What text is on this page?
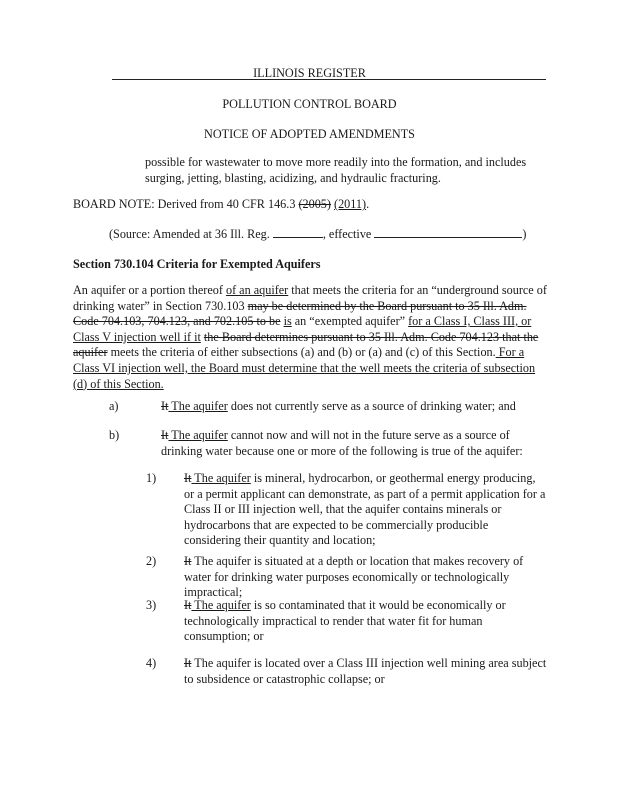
ILLINOIS REGISTER
POLLUTION CONTROL BOARD
NOTICE OF ADOPTED AMENDMENTS
possible for wastewater to move more readily into the formation, and includes
surging, jetting, blasting, acidizing, and hydraulic fracturing.
BOARD NOTE: Derived from 40 CFR 146.3 (2005) (2011).
(Source: Amended at 36 Ill. Reg.	, effective	)
Section 730.104 Criteria for Exempted Aquifers
An aquifer or a portion thereof of an aquifer that meets the criteria for an “underground source of drinking water” in Section 730.103 may be determined by the Board pursuant to 35 Ill. Adm. Code 704.103, 704.123, and 702.105 to be is an “exempted aquifer” for a Class I, Class III, or Class V injection well if it the Board determines pursuant to 35 Ill. Adm. Code 704.123 that the aquifer meets the criteria of either subsections (a) and (b) or (a) and (c) of this Section. For a Class VI injection well, the Board must determine that the well meets the criteria of subsection (d) of this Section.
a)	It The aquifer does not currently serve as a source of drinking water; and
b)	It The aquifer cannot now and will not in the future serve as a source of drinking water because one or more of the following is true of the aquifer:
1)	It The aquifer is mineral, hydrocarbon, or geothermal energy producing, or a permit applicant can demonstrate, as part of a permit application for a Class II or III injection well, that the aquifer contains minerals or hydrocarbons that are expected to be commercially producible considering their quantity and location;
2)	It The aquifer is situated at a depth or location that makes recovery of water for drinking water purposes economically or technologically impractical;
3)	It The aquifer is so contaminated that it would be economically or technologically impractical to render that water fit for human consumption; or
4)	It The aquifer is located over a Class III injection well mining area subject to subsidence or catastrophic collapse; or
